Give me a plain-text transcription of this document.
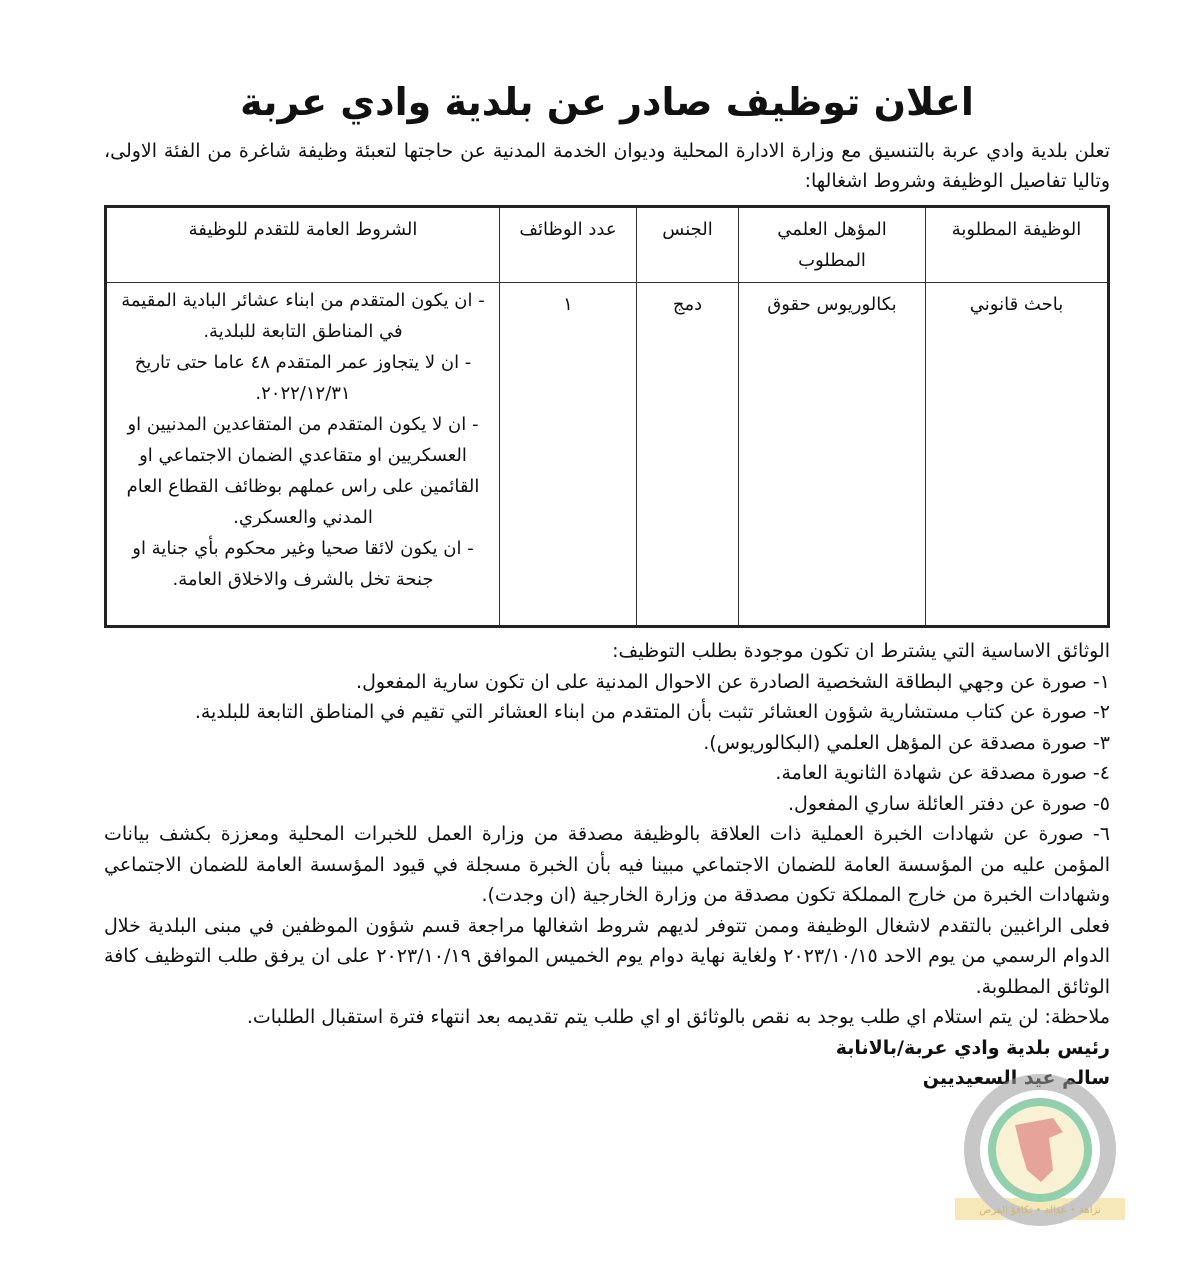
اعلان توظيف صادر عن بلدية وادي عربة

تعلن بلدية وادي عربة بالتنسيق مع وزارة الادارة المحلية وديوان الخدمة المدنية عن حاجتها لتعبئة وظيفة شاغرة من الفئة الاولى، وتاليا تفاصيل الوظيفة وشروط اشغالها:

الوظيفة المطلوبة	المؤهل العلمي المطلوب	الجنس	عدد الوظائف	الشروط العامة للتقدم للوظيفة
باحث قانوني	بكالوريوس حقوق	دمج	١	- ان يكون المتقدم من ابناء عشائر البادية المقيمة في المناطق التابعة للبلدية.
- ان لا يتجاوز عمر المتقدم ٤٨ عاما حتى تاريخ ٢٠٢٢/١٢/٣١.
- ان لا يكون المتقدم من المتقاعدين المدنيين او العسكريين او متقاعدي الضمان الاجتماعي او القائمين على راس عملهم بوظائف القطاع العام المدني والعسكري.
- ان يكون لائقا صحيا وغير محكوم بأي جناية او جنحة تخل بالشرف والاخلاق العامة.

الوثائق الاساسية التي يشترط ان تكون موجودة بطلب التوظيف:

١- صورة عن وجهي البطاقة الشخصية الصادرة عن الاحوال المدنية على ان تكون سارية المفعول.

٢- صورة عن كتاب مستشارية شؤون العشائر تثبت بأن المتقدم من ابناء العشائر التي تقيم في المناطق التابعة للبلدية.

٣- صورة مصدقة عن المؤهل العلمي (البكالوريوس).

٤- صورة مصدقة عن شهادة الثانوية العامة.

٥- صورة عن دفتر العائلة ساري المفعول.

٦- صورة عن شهادات الخبرة العملية ذات العلاقة بالوظيفة مصدقة من وزارة العمل للخبرات المحلية ومعززة بكشف بيانات المؤمن عليه من المؤسسة العامة للضمان الاجتماعي مبينا فيه بأن الخبرة مسجلة في قيود المؤسسة العامة للضمان الاجتماعي وشهادات الخبرة من خارج المملكة تكون مصدقة من وزارة الخارجية (ان وجدت).

فعلى الراغبين بالتقدم لاشغال الوظيفة وممن تتوفر لديهم شروط اشغالها مراجعة قسم شؤون الموظفين في مبنى البلدية خلال الدوام الرسمي من يوم الاحد ٢٠٢٣/١٠/١٥ ولغاية نهاية دوام يوم الخميس الموافق ٢٠٢٣/١٠/١٩ على ان يرفق طلب التوظيف كافة الوثائق المطلوبة.

ملاحظة: لن يتم استلام اي طلب يوجد به نقص بالوثائق او اي طلب يتم تقديمه بعد انتهاء فترة استقبال الطلبات.

رئيس بلدية وادي عربة/بالانابة

سالم عيد السعيديين

نزاهة • عدالة • تكافؤ الفرص
